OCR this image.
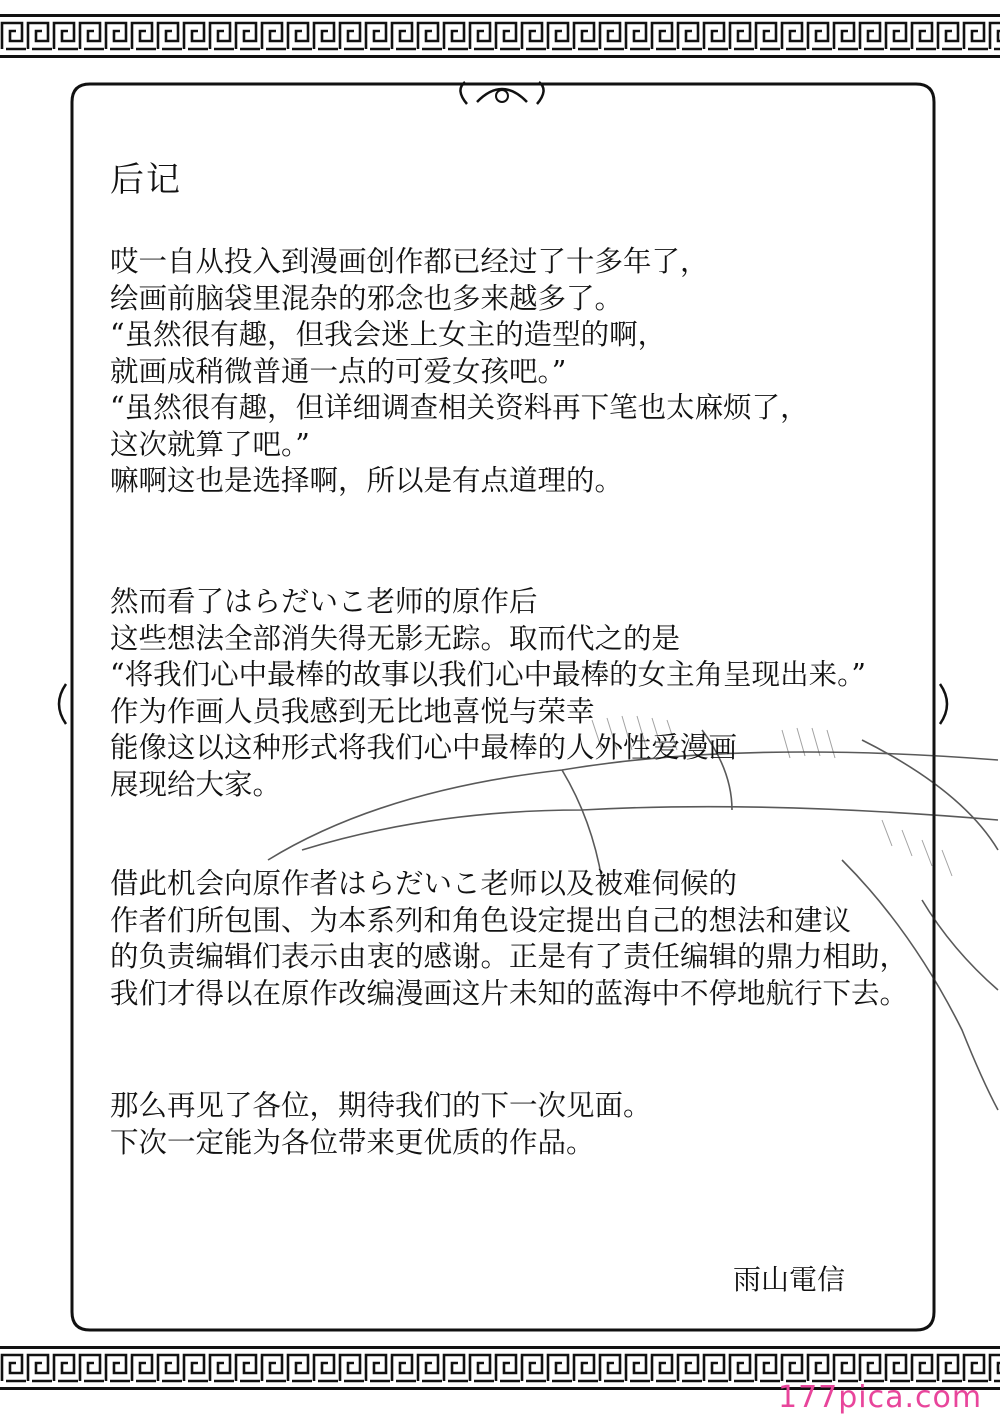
后记
哎一自从投入到漫画创作都已经过了十多年了，
绘画前脑袋里混杂的邪念也多来越多了。
“虽然很有趣，但我会迷上女主的造型的啊，
就画成稍微普通一点的可爱女孩吧。”
“虽然很有趣，但详细调查相关资料再下笔也太麻烦了，
这次就算了吧。”
嘛啊这也是选择啊，所以是有点道理的。
然而看了はらだいこ老师的原作后
这些想法全部消失得无影无踪。取而代之的是
“将我们心中最棒的故事以我们心中最棒的女主角呈现出来。”
作为作画人员我感到无比地喜悦与荣幸
能像这以这种形式将我们心中最棒的人外性爱漫画
展现给大家。
借此机会向原作者はらだいこ老师以及被难伺候的
作者们所包围、为本系列和角色设定提出自己的想法和建议
的负责编辑们表示由衷的感谢。正是有了责任编辑的鼎力相助，
我们才得以在原作改编漫画这片未知的蓝海中不停地航行下去。
那么再见了各位，期待我们的下一次见面。
下次一定能为各位带来更优质的作品。
雨山電信
177pica.com
